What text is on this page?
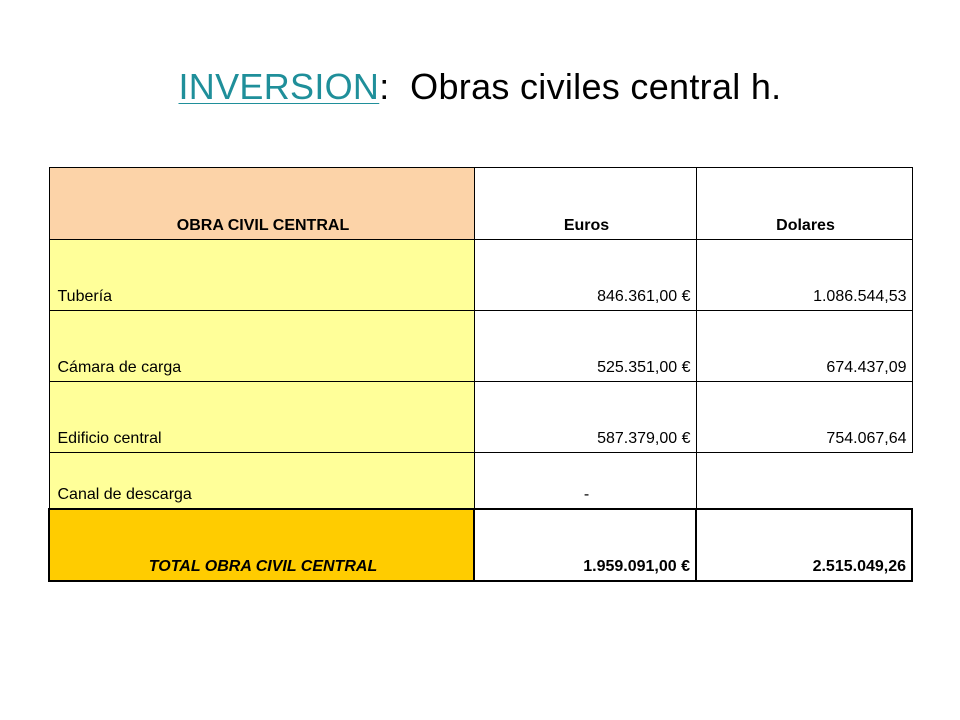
INVERSION: Obras civiles central h.
OBRA CIVIL CENTRAL	Euros	Dolares
Tubería	846.361,00 €	1.086.544,53
Cámara de carga	525.351,00 €	674.437,09
Edificio central	587.379,00 €	754.067,64
Canal de descarga	-	
TOTAL OBRA CIVIL CENTRAL	1.959.091,00 €	2.515.049,26
